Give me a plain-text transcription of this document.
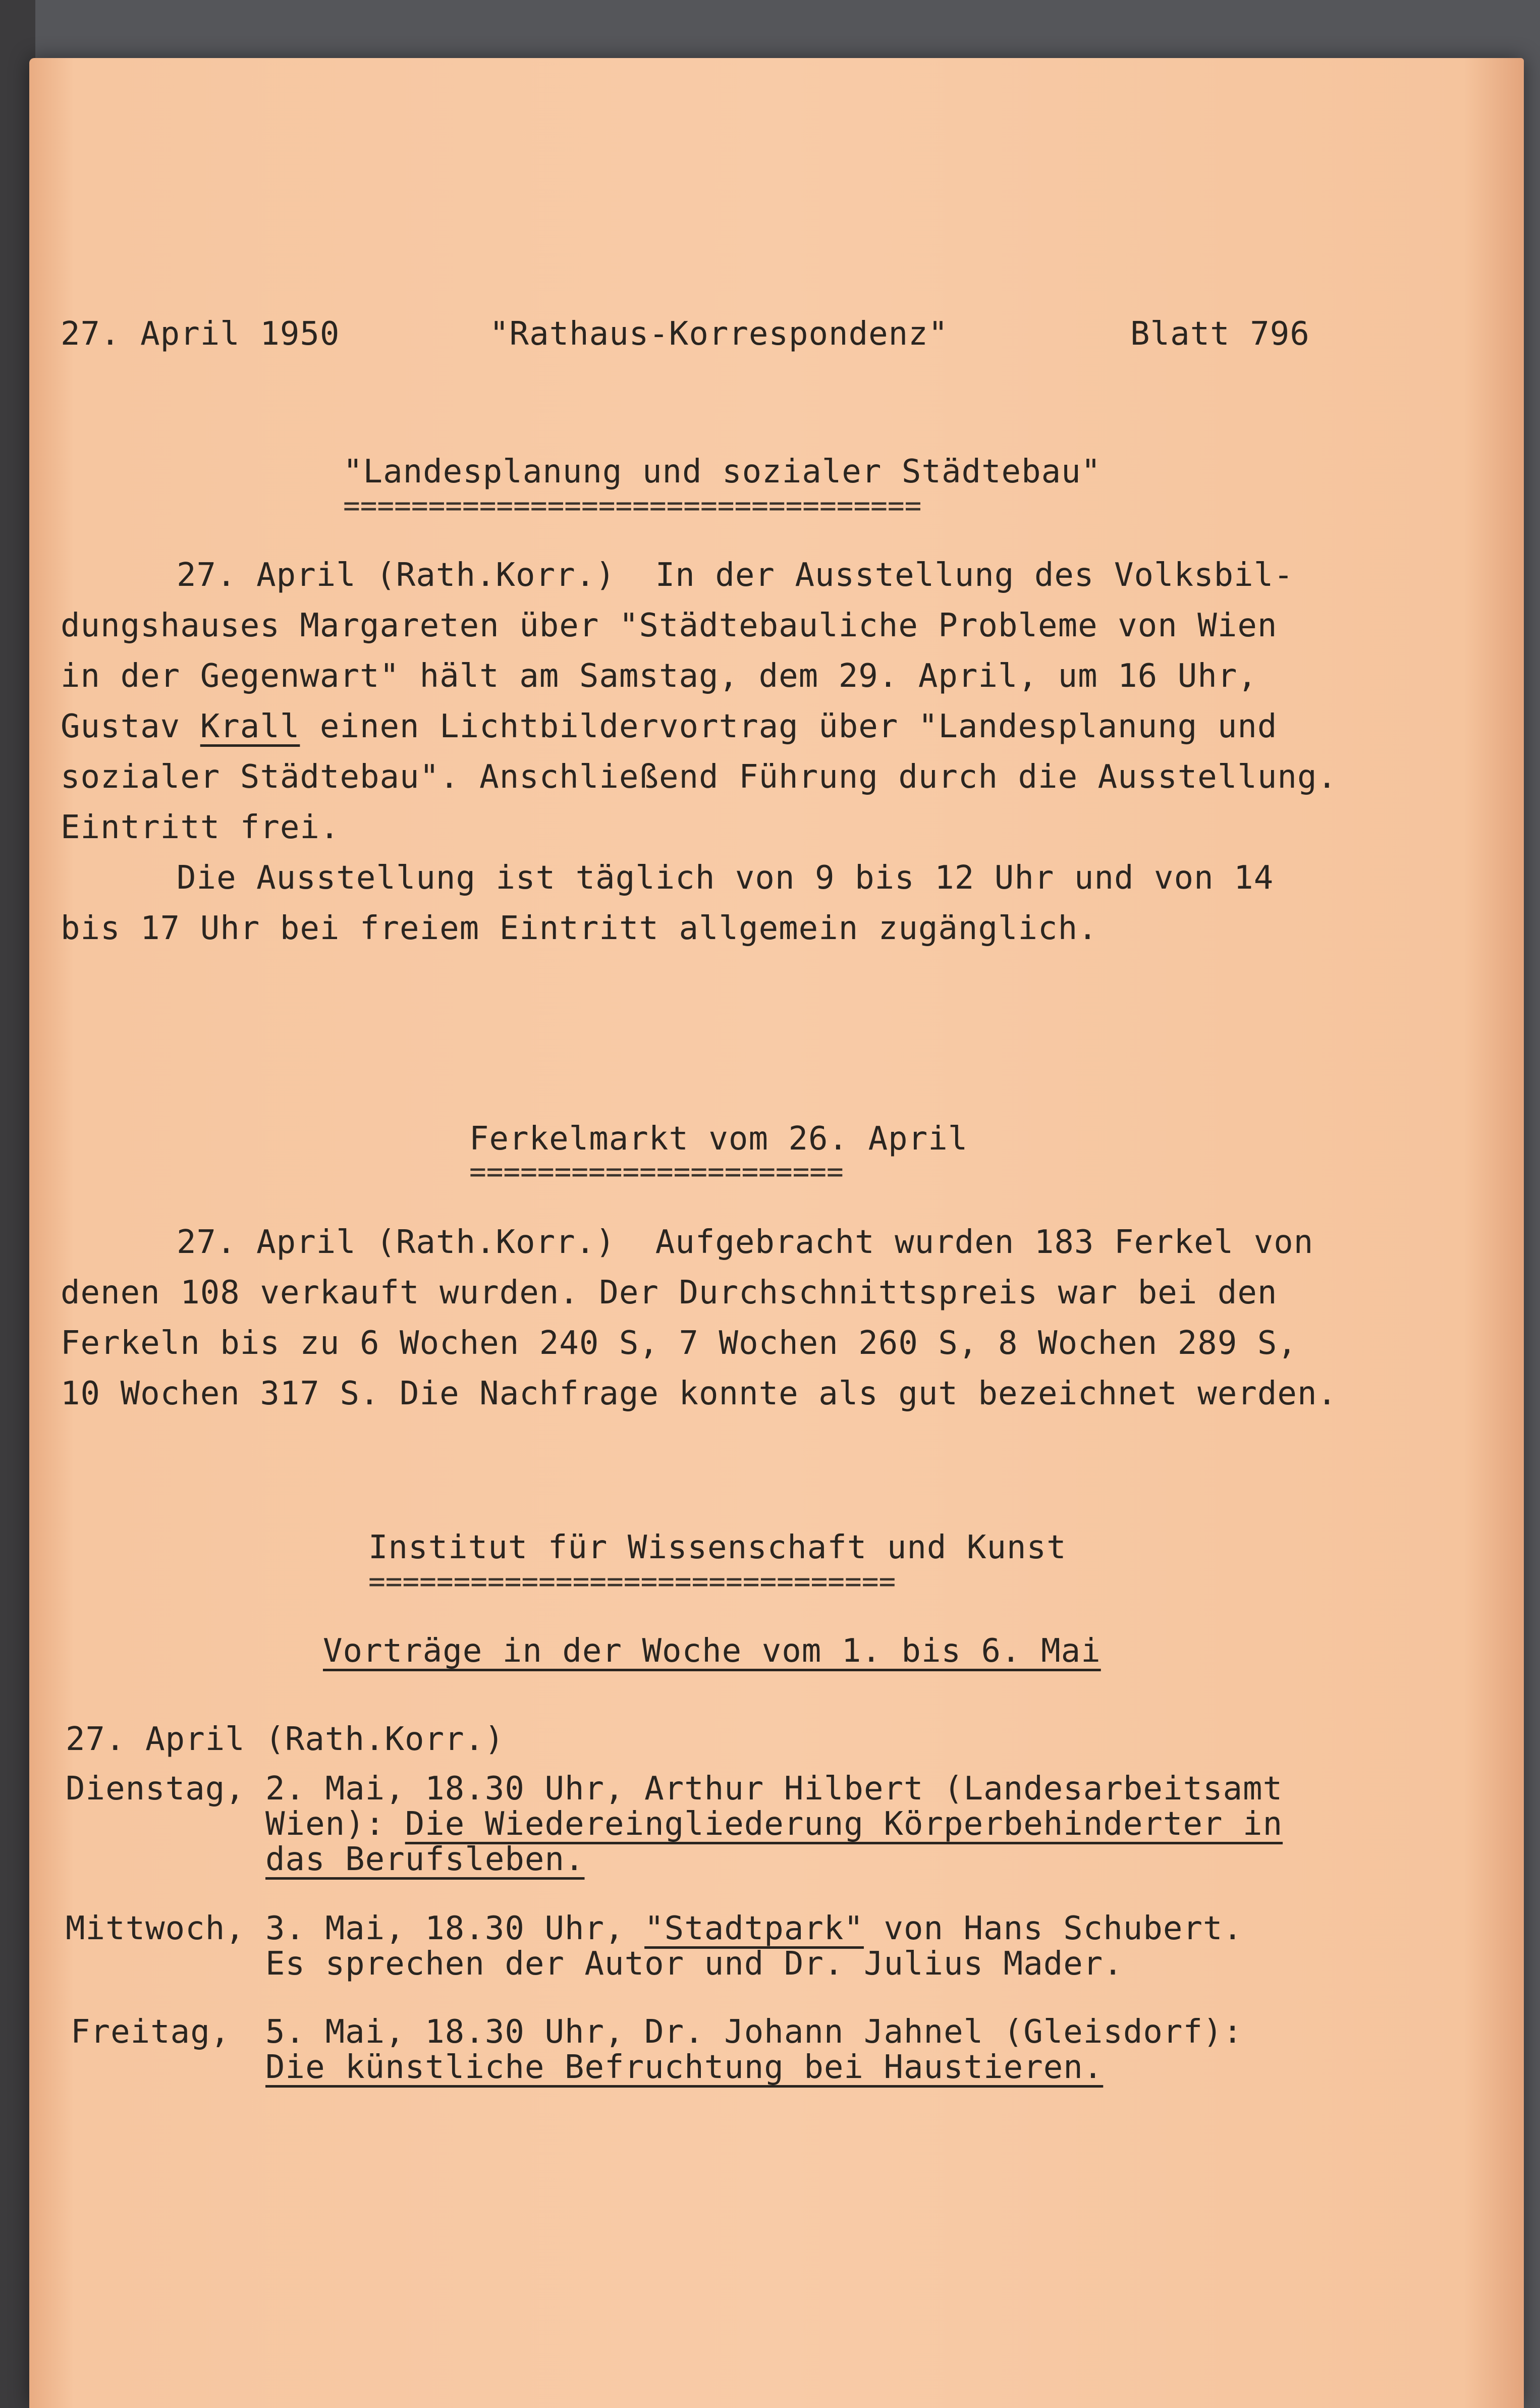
27. April 1950	"Rathaus-Korrespondenz"	Blatt 796
"Landesplanung und sozialer Städtebau"
==================================
27. April (Rath.Korr.)  In der Ausstellung des Volksbil-
dungshauses Margareten über "Städtebauliche Probleme von Wien
in der Gegenwart" hält am Samstag, dem 29. April, um 16 Uhr,
Gustav Krall einen Lichtbildervortrag über "Landesplanung und
sozialer Städtebau". Anschließend Führung durch die Ausstellung.
Eintritt frei.
Die Ausstellung ist täglich von 9 bis 12 Uhr und von 14
bis 17 Uhr bei freiem Eintritt allgemein zugänglich.
Ferkelmarkt vom 26. April
======================
27. April (Rath.Korr.)  Aufgebracht wurden 183 Ferkel von
denen 108 verkauft wurden. Der Durchschnittspreis war bei den
Ferkeln bis zu 6 Wochen 240 S, 7 Wochen 260 S, 8 Wochen 289 S,
10 Wochen 317 S. Die Nachfrage konnte als gut bezeichnet werden.
Institut für Wissenschaft und Kunst
===============================
Vorträge in der Woche vom 1. bis 6. Mai
27. April (Rath.Korr.)
Dienstag, 2. Mai, 18.30 Uhr, Arthur Hilbert (Landesarbeitsamt
Wien): Die Wiedereingliederung Körperbehinderter in
das Berufsleben.
Mittwoch, 3. Mai, 18.30 Uhr, "Stadtpark" von Hans Schubert.
Es sprechen der Autor und Dr. Julius Mader.
Freitag, 5. Mai, 18.30 Uhr, Dr. Johann Jahnel (Gleisdorf):
Die künstliche Befruchtung bei Haustieren.
